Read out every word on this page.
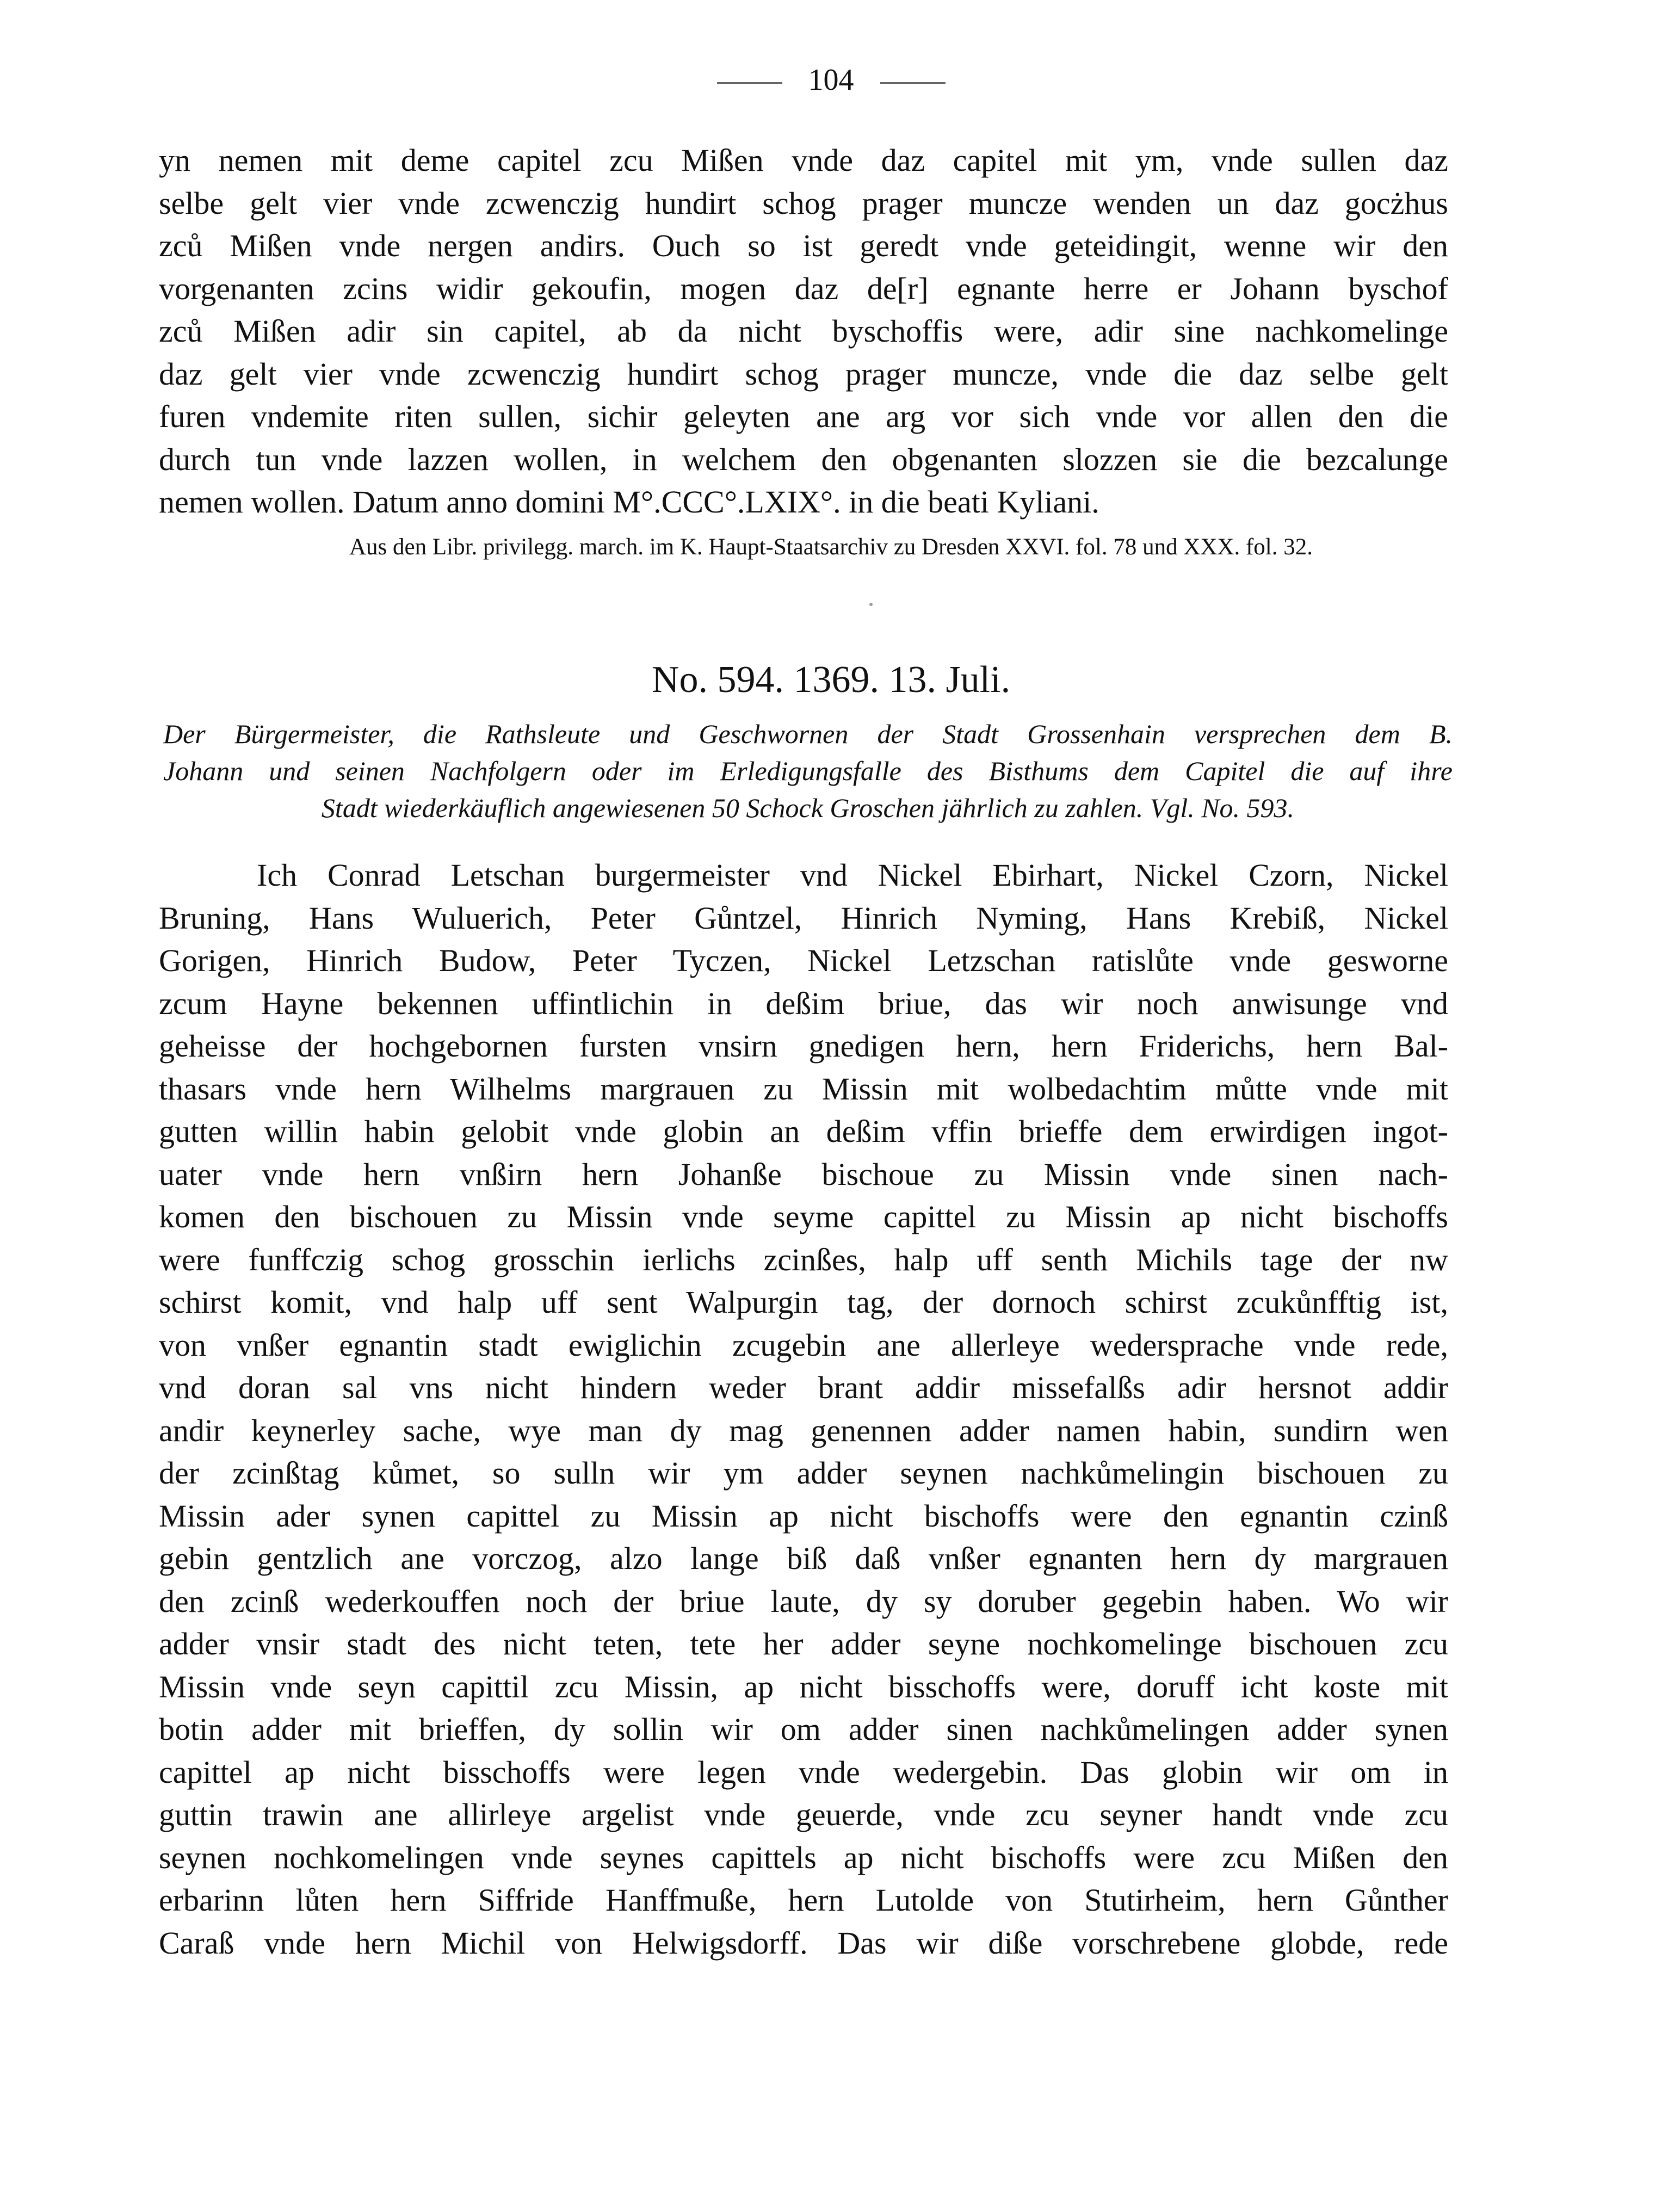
104
yn nemen mit deme capitel zcu Mißen vnde daz capitel mit ym, vnde sullen daz
selbe gelt vier vnde zcwenczig hundirt schog prager muncze wenden un daz gocżhus
zců Mißen vnde nergen andirs. Ouch so ist geredt vnde geteidingit, wenne wir den
vorgenanten zcins widir gekoufin, mogen daz de[r] egnante herre er Johann byschof
zců Mißen adir sin capitel, ab da nicht byschoffis were, adir sine nachkomelinge
daz gelt vier vnde zcwenczig hundirt schog prager muncze, vnde die daz selbe gelt
furen vndemite riten sullen, sichir geleyten ane arg vor sich vnde vor allen den die
durch tun vnde lazzen wollen, in welchem den obgenanten slozzen sie die bezcalunge
nemen wollen. Datum anno domini M°.CCC°.LXIX°. in die beati Kyliani.
Aus den Libr. privilegg. march. im K. Haupt-Staatsarchiv zu Dresden XXVI. fol. 78 und XXX. fol. 32.
No. 594. 1369. 13. Juli.
Der Bürgermeister, die Rathsleute und Geschwornen der Stadt Grossenhain versprechen dem B.
Johann und seinen Nachfolgern oder im Erledigungsfalle des Bisthums dem Capitel die auf ihre
Stadt wiederkäuflich angewiesenen 50 Schock Groschen jährlich zu zahlen. Vgl. No. 593.
Ich Conrad Letschan burgermeister vnd Nickel Ebirhart, Nickel Czorn, Nickel
Bruning, Hans Wuluerich, Peter Gůntzel, Hinrich Nyming, Hans Krebiß, Nickel
Gorigen, Hinrich Budow, Peter Tyczen, Nickel Letzschan ratislůte vnde gesworne
zcum Hayne bekennen uffintlichin in deßim briue, das wir noch anwisunge vnd
geheisse der hochgebornen fursten vnsirn gnedigen hern, hern Friderichs, hern Bal-
thasars vnde hern Wilhelms margrauen zu Missin mit wolbedachtim můtte vnde mit
gutten willin habin gelobit vnde globin an deßim vffin brieffe dem erwirdigen ingot-
uater vnde hern vnßirn hern Johanße bischoue zu Missin vnde sinen nach-
komen den bischouen zu Missin vnde seyme capittel zu Missin ap nicht bischoffs
were funffczig schog grosschin ierlichs zcinßes, halp uff senth Michils tage der nw
schirst komit, vnd halp uff sent Walpurgin tag, der dornoch schirst zcukůnfftig ist,
von vnßer egnantin stadt ewiglichin zcugebin ane allerleye wedersprache vnde rede,
vnd doran sal vns nicht hindern weder brant addir missefalßs adir hersnot addir
andir keynerley sache, wye man dy mag genennen adder namen habin, sundirn wen
der zcinßtag kůmet, so sulln wir ym adder seynen nachkůmelingin bischouen zu
Missin ader synen capittel zu Missin ap nicht bischoffs were den egnantin czinß
gebin gentzlich ane vorczog, alzo lange biß daß vnßer egnanten hern dy margrauen
den zcinß wederkouffen noch der briue laute, dy sy doruber gegebin haben. Wo wir
adder vnsir stadt des nicht teten, tete her adder seyne nochkomelinge bischouen zcu
Missin vnde seyn capittil zcu Missin, ap nicht bisschoffs were, doruff icht koste mit
botin adder mit brieffen, dy sollin wir om adder sinen nachkůmelingen adder synen
capittel ap nicht bisschoffs were legen vnde wedergebin. Das globin wir om in
guttin trawin ane allirleye argelist vnde geuerde, vnde zcu seyner handt vnde zcu
seynen nochkomelingen vnde seynes capittels ap nicht bischoffs were zcu Mißen den
erbarinn lůten hern Siffride Hanffmuße, hern Lutolde von Stutirheim, hern Gůnther
Caraß vnde hern Michil von Helwigsdorff. Das wir diße vorschrebene globde, rede
